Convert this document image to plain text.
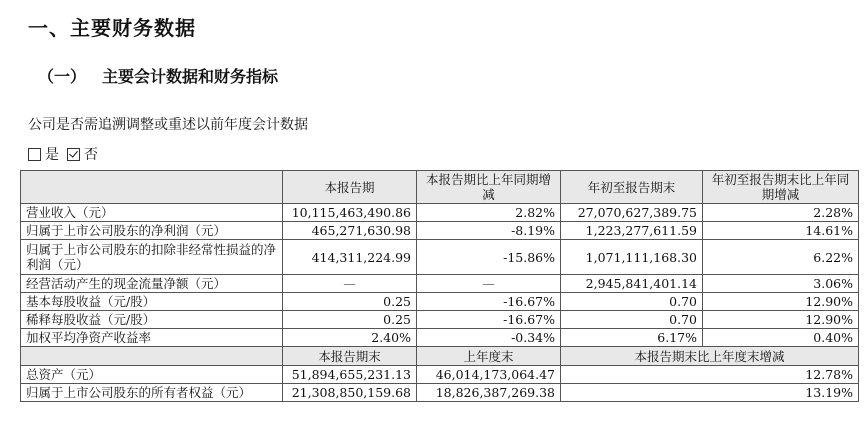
一、主要财务数据
（一） 主要会计数据和财务指标
公司是否需追溯调整或重述以前年度会计数据
是 否
	本报告期	本报告期比上年同期增减	年初至报告期末	年初至报告期末比上年同期增减
营业收入（元）	10,115,463,490.86	2.82%	27,070,627,389.75	2.28%
归属于上市公司股东的净利润（元）	465,271,630.98	-8.19%	1,223,277,611.59	14.61%
归属于上市公司股东的扣除非经常性损益的净利润（元）	414,311,224.99	-15.86%	1,071,111,168.30	6.22%
经营活动产生的现金流量净额（元）	—	—	2,945,841,401.14	3.06%
基本每股收益（元/股）	0.25	-16.67%	0.70	12.90%
稀释每股收益（元/股）	0.25	-16.67%	0.70	12.90%
加权平均净资产收益率	2.40%	-0.34%	6.17%	0.40%
	本报告期末	上年度末	本报告期末比上年度末增减	
总资产（元）	51,894,655,231.13	46,014,173,064.47	12.78%	
归属于上市公司股东的所有者权益（元）	21,308,850,159.68	18,826,387,269.38	13.19%	
